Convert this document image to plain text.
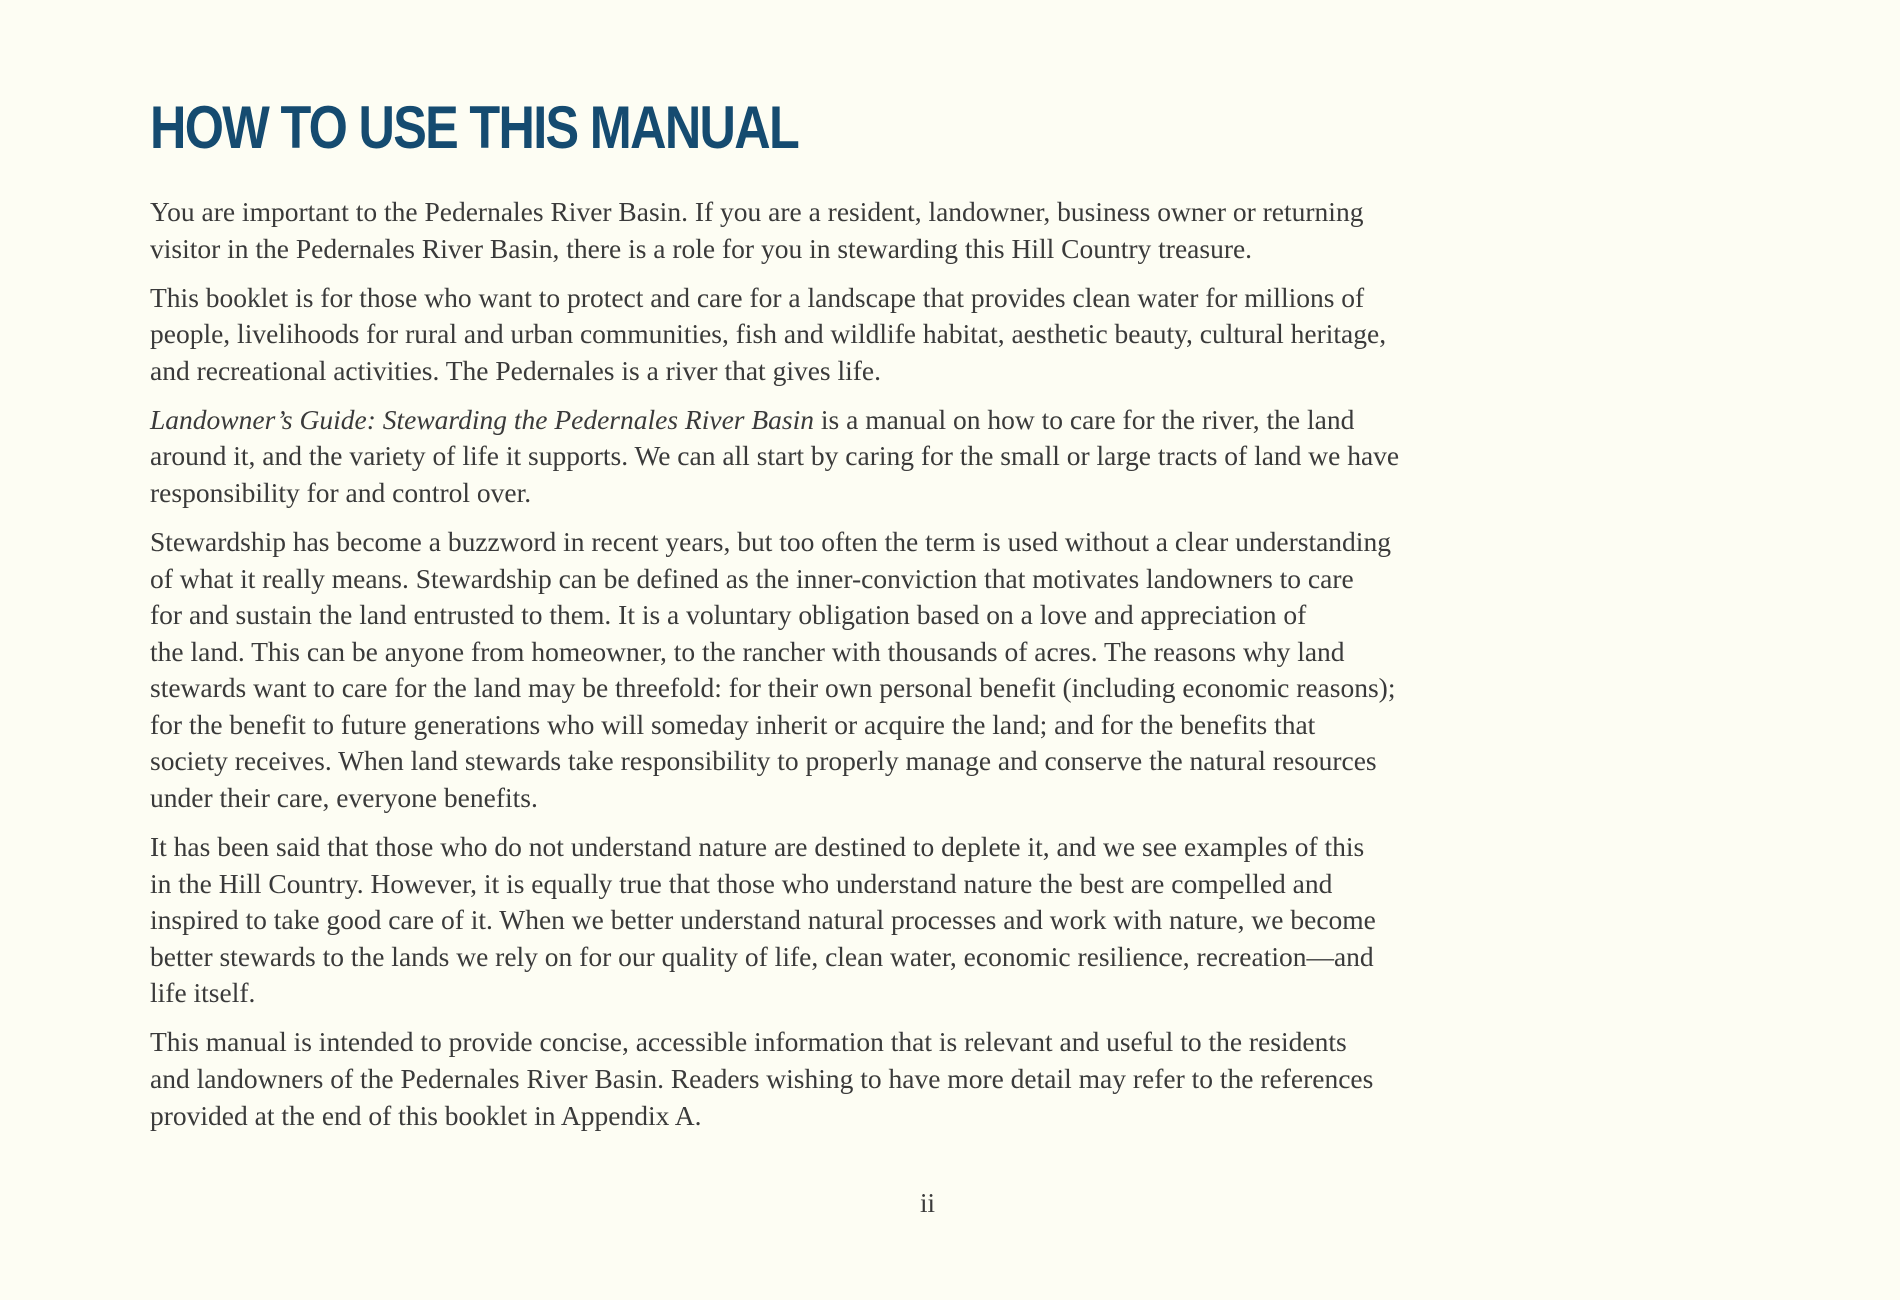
HOW TO USE THIS MANUAL

You are important to the Pedernales River Basin. If you are a resident, landowner, business owner or returning
visitor in the Pedernales River Basin, there is a role for you in stewarding this Hill Country treasure.

This booklet is for those who want to protect and care for a landscape that provides clean water for millions of
people, livelihoods for rural and urban communities, fish and wildlife habitat, aesthetic beauty, cultural heritage,
and recreational activities. The Pedernales is a river that gives life.

Landowner’s Guide: Stewarding the Pedernales River Basin is a manual on how to care for the river, the land
around it, and the variety of life it supports. We can all start by caring for the small or large tracts of land we have
responsibility for and control over.

Stewardship has become a buzzword in recent years, but too often the term is used without a clear understanding
of what it really means. Stewardship can be defined as the inner-conviction that motivates landowners to care
for and sustain the land entrusted to them. It is a voluntary obligation based on a love and appreciation of
the land. This can be anyone from homeowner, to the rancher with thousands of acres. The reasons why land
stewards want to care for the land may be threefold: for their own personal benefit (including economic reasons);
for the benefit to future generations who will someday inherit or acquire the land; and for the benefits that
society receives. When land stewards take responsibility to properly manage and conserve the natural resources
under their care, everyone benefits.

It has been said that those who do not understand nature are destined to deplete it, and we see examples of this
in the Hill Country. However, it is equally true that those who understand nature the best are compelled and
inspired to take good care of it. When we better understand natural processes and work with nature, we become
better stewards to the lands we rely on for our quality of life, clean water, economic resilience, recreation—and
life itself.

This manual is intended to provide concise, accessible information that is relevant and useful to the residents
and landowners of the Pedernales River Basin. Readers wishing to have more detail may refer to the references
provided at the end of this booklet in Appendix A.

ii
